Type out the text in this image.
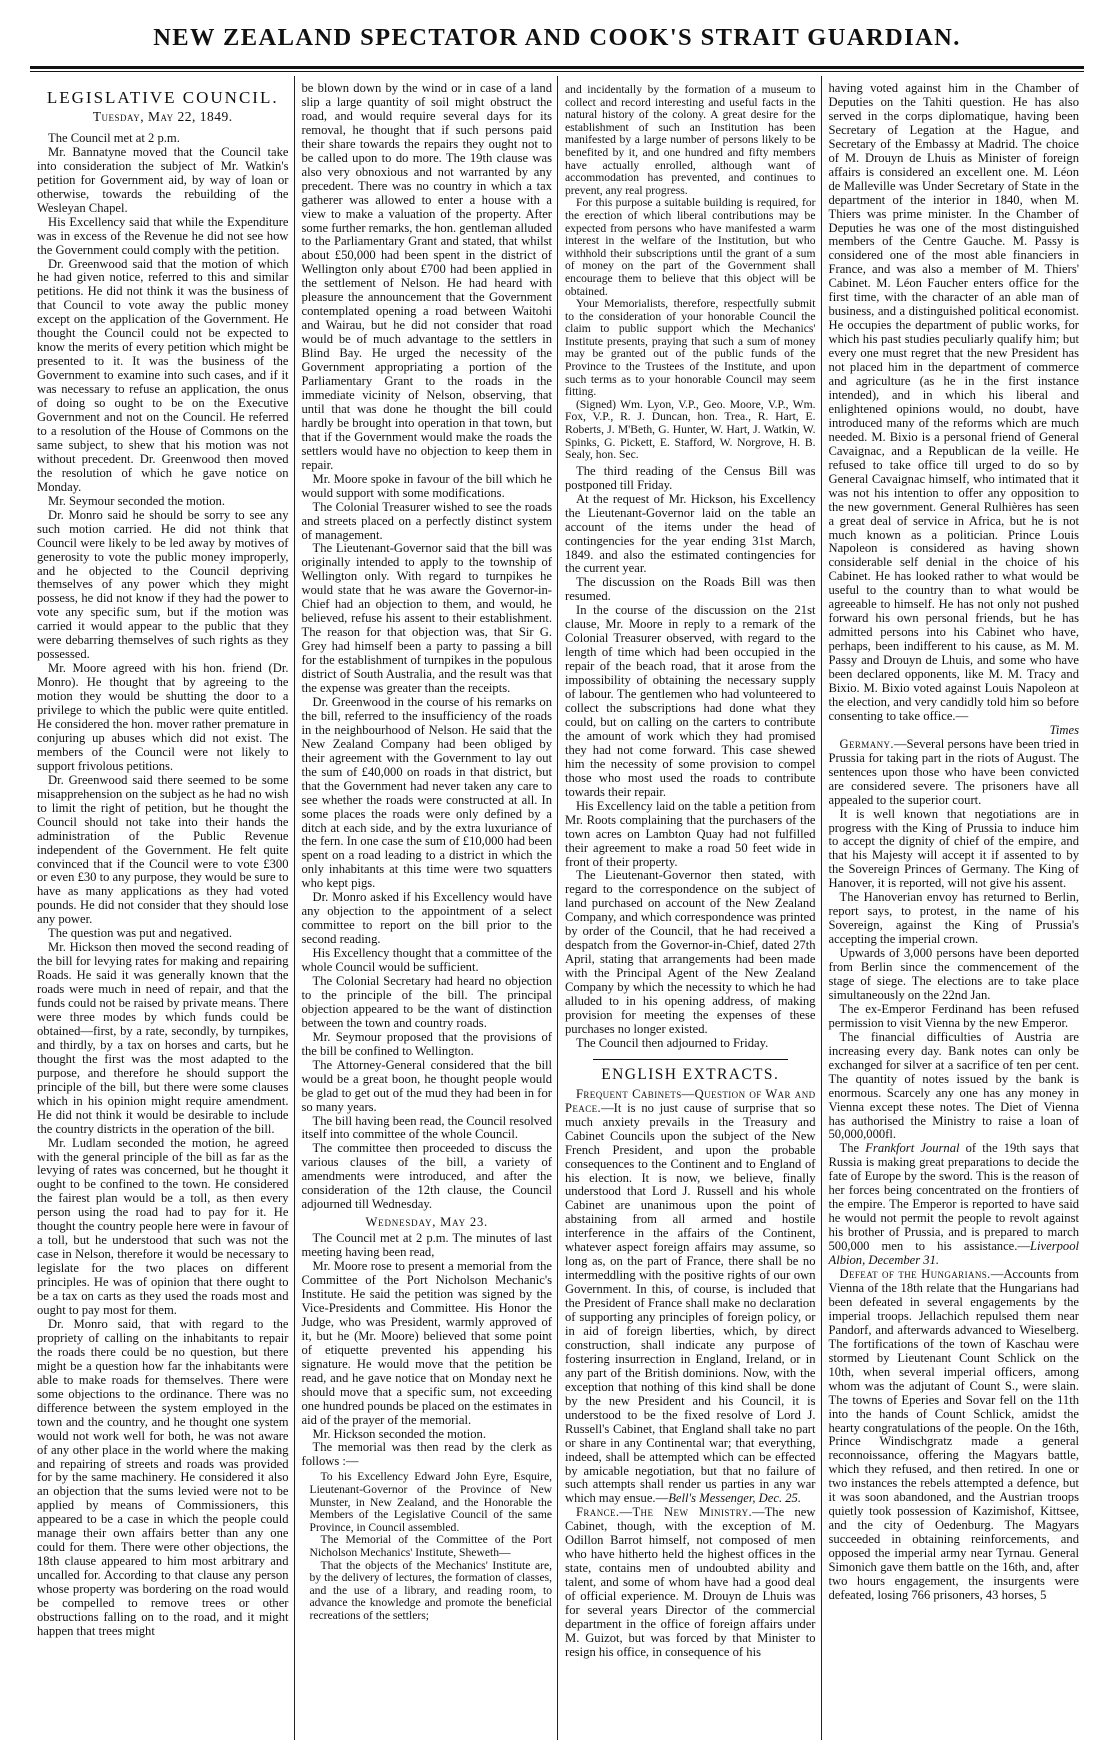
NEW ZEALAND SPECTATOR AND COOK'S STRAIT GUARDIAN.
LEGISLATIVE COUNCIL.
Tuesday, May 22, 1849.

The Council met at 2 p.m.

Mr. Bannatyne moved that the Council take into consideration the subject of Mr. Watkin's petition for Government aid, by way of loan or otherwise, towards the rebuilding of the Wesleyan Chapel.

His Excellency said that while the Expenditure was in excess of the Revenue he did not see how the Government could comply with the petition.

Dr. Greenwood said that the motion of which he had given notice, referred to this and similar petitions. He did not think it was the business of that Council to vote away the public money except on the application of the Government. He thought the Council could not be expected to know the merits of every petition which might be presented to it. It was the business of the Government to examine into such cases, and if it was necessary to refuse an application, the onus of doing so ought to be on the Executive Government and not on the Council. He referred to a resolution of the House of Commons on the same subject, to shew that his motion was not without precedent. Dr. Greenwood then moved the resolution of which he gave notice on Monday.

Mr. Seymour seconded the motion.

Dr. Monro said he should be sorry to see any such motion carried. He did not think that Council were likely to be led away by motives of generosity to vote the public money improperly, and he objected to the Council depriving themselves of any power which they might possess, he did not know if they had the power to vote any specific sum, but if the motion was carried it would appear to the public that they were debarring themselves of such rights as they possessed.

Mr. Moore agreed with his hon. friend (Dr. Monro). He thought that by agreeing to the motion they would be shutting the door to a privilege to which the public were quite entitled. He considered the hon. mover rather premature in conjuring up abuses which did not exist. The members of the Council were not likely to support frivolous petitions.

Dr. Greenwood said there seemed to be some misapprehension on the subject as he had no wish to limit the right of petition, but he thought the Council should not take into their hands the administration of the Public Revenue independent of the Government. He felt quite convinced that if the Council were to vote £300 or even £30 to any purpose, they would be sure to have as many applications as they had voted pounds. He did not consider that they should lose any power.

The question was put and negatived.

Mr. Hickson then moved the second reading of the bill for levying rates for making and repairing Roads. He said it was generally known that the roads were much in need of repair, and that the funds could not be raised by private means. There were three modes by which funds could be obtained—first, by a rate, secondly, by turnpikes, and thirdly, by a tax on horses and carts, but he thought the first was the most adapted to the purpose, and therefore he should support the principle of the bill, but there were some clauses which in his opinion might require amendment. He did not think it would be desirable to include the country districts in the operation of the bill.

Mr. Ludlam seconded the motion, he agreed with the general principle of the bill as far as the levying of rates was concerned, but he thought it ought to be confined to the town. He considered the fairest plan would be a toll, as then every person using the road had to pay for it. He thought the country people here were in favour of a toll, but he understood that such was not the case in Nelson, therefore it would be necessary to legislate for the two places on different principles. He was of opinion that there ought to be a tax on carts as they used the roads most and ought to pay most for them.

Dr. Monro said, that with regard to the propriety of calling on the inhabitants to repair the roads there could be no question, but there might be a question how far the inhabitants were able to make roads for themselves. There were some objections to the ordinance. There was no difference between the system employed in the town and the country, and he thought one system would not work well for both, he was not aware of any other place in the world where the making and repairing of streets and roads was provided for by the same machinery. He considered it also an objection that the sums levied were not to be applied by means of Commissioners, this appeared to be a case in which the people could manage their own affairs better than any one could for them. There were other objections, the 18th clause appeared to him most arbitrary and uncalled for. According to that clause any person whose property was bordering on the road would be compelled to remove trees or other obstructions falling on to the road, and it might happen that trees might

be blown down by the wind or in case of a land slip a large quantity of soil might obstruct the road, and would require several days for its removal, he thought that if such persons paid their share towards the repairs they ought not to be called upon to do more. The 19th clause was also very obnoxious and not warranted by any precedent. There was no country in which a tax gatherer was allowed to enter a house with a view to make a valuation of the property. After some further remarks, the hon. gentleman alluded to the Parliamentary Grant and stated, that whilst about £50,000 had been spent in the district of Wellington only about £700 had been applied in the settlement of Nelson. He had heard with pleasure the announcement that the Government contemplated opening a road between Waitohi and Wairau, but he did not consider that road would be of much advantage to the settlers in Blind Bay. He urged the necessity of the Government appropriating a portion of the Parliamentary Grant to the roads in the immediate vicinity of Nelson, observing, that until that was done he thought the bill could hardly be brought into operation in that town, but that if the Government would make the roads the settlers would have no objection to keep them in repair.

Mr. Moore spoke in favour of the bill which he would support with some modifications.

The Colonial Treasurer wished to see the roads and streets placed on a perfectly distinct system of management.

The Lieutenant-Governor said that the bill was originally intended to apply to the township of Wellington only. With regard to turnpikes he would state that he was aware the Governor-in-Chief had an objection to them, and would, he believed, refuse his assent to their establishment. The reason for that objection was, that Sir G. Grey had himself been a party to passing a bill for the establishment of turnpikes in the populous district of South Australia, and the result was that the expense was greater than the receipts.

Dr. Greenwood in the course of his remarks on the bill, referred to the insufficiency of the roads in the neighbourhood of Nelson. He said that the New Zealand Company had been obliged by their agreement with the Government to lay out the sum of £40,000 on roads in that district, but that the Government had never taken any care to see whether the roads were constructed at all. In some places the roads were only defined by a ditch at each side, and by the extra luxuriance of the fern. In one case the sum of £10,000 had been spent on a road leading to a district in which the only inhabitants at this time were two squatters who kept pigs.

Dr. Monro asked if his Excellency would have any objection to the appointment of a select committee to report on the bill prior to the second reading.

His Excellency thought that a committee of the whole Council would be sufficient.

The Colonial Secretary had heard no objection to the principle of the bill. The principal objection appeared to be the want of distinction between the town and country roads.

Mr. Seymour proposed that the provisions of the bill be confined to Wellington.

The Attorney-General considered that the bill would be a great boon, he thought people would be glad to get out of the mud they had been in for so many years.

The bill having been read, the Council resolved itself into committee of the whole Council.

The committee then proceeded to discuss the various clauses of the bill, a variety of amendments were introduced, and after the consideration of the 12th clause, the Council adjourned till Wednesday.

Wednesday, May 23.

The Council met at 2 p.m. The minutes of last meeting having been read,

Mr. Moore rose to present a memorial from the Committee of the Port Nicholson Mechanic's Institute. He said the petition was signed by the Vice-Presidents and Committee. His Honor the Judge, who was President, warmly approved of it, but he (Mr. Moore) believed that some point of etiquette prevented his appending his signature. He would move that the petition be read, and he gave notice that on Monday next he should move that a specific sum, not exceeding one hundred pounds be placed on the estimates in aid of the prayer of the memorial.

Mr. Hickson seconded the motion.

The memorial was then read by the clerk as follows :—

To his Excellency Edward John Eyre, Esquire, Lieutenant-Governor of the Province of New Munster, in New Zealand, and the Honorable the Members of the Legislative Council of the same Province, in Council assembled.

The Memorial of the Committee of the Port Nicholson Mechanics' Institute, Sheweth—

That the objects of the Mechanics' Institute are, by the delivery of lectures, the formation of classes, and the use of a library, and reading room, to advance the knowledge and promote the beneficial recreations of the settlers;

and incidentally by the formation of a museum to collect and record interesting and useful facts in the natural history of the colony. A great desire for the establishment of such an Institution has been manifested by a large number of persons likely to be benefited by it, and one hundred and fifty members have actually enrolled, although want of accommodation has prevented, and continues to prevent, any real progress.

For this purpose a suitable building is required, for the erection of which liberal contributions may be expected from persons who have manifested a warm interest in the welfare of the Institution, but who withhold their subscriptions until the grant of a sum of money on the part of the Government shall encourage them to believe that this object will be obtained.

Your Memorialists, therefore, respectfully submit to the consideration of your honorable Council the claim to public support which the Mechanics' Institute presents, praying that such a sum of money may be granted out of the public funds of the Province to the Trustees of the Institute, and upon such terms as to your honorable Council may seem fitting.

(Signed) Wm. Lyon, V.P., Geo. Moore, V.P., Wm. Fox, V.P., R. J. Duncan, hon. Trea., R. Hart, E. Roberts, J. M'Beth, G. Hunter, W. Hart, J. Watkin, W. Spinks, G. Pickett, E. Stafford, W. Norgrove, H. B. Sealy, hon. Sec.

The third reading of the Census Bill was postponed till Friday.

At the request of Mr. Hickson, his Excellency the Lieutenant-Governor laid on the table an account of the items under the head of contingencies for the year ending 31st March, 1849. and also the estimated contingencies for the current year.

The discussion on the Roads Bill was then resumed.

In the course of the discussion on the 21st clause, Mr. Moore in reply to a remark of the Colonial Treasurer observed, with regard to the length of time which had been occupied in the repair of the beach road, that it arose from the impossibility of obtaining the necessary supply of labour. The gentlemen who had volunteered to collect the subscriptions had done what they could, but on calling on the carters to contribute the amount of work which they had promised they had not come forward. This case shewed him the necessity of some provision to compel those who most used the roads to contribute towards their repair.

His Excellency laid on the table a petition from Mr. Roots complaining that the purchasers of the town acres on Lambton Quay had not fulfilled their agreement to make a road 50 feet wide in front of their property.

The Lieutenant-Governor then stated, with regard to the correspondence on the subject of land purchased on account of the New Zealand Company, and which correspondence was printed by order of the Council, that he had received a despatch from the Governor-in-Chief, dated 27th April, stating that arrangements had been made with the Principal Agent of the New Zealand Company by which the necessity to which he had alluded to in his opening address, of making provision for meeting the expenses of these purchases no longer existed.

The Council then adjourned to Friday.

ENGLISH EXTRACTS.

Frequent Cabinets—Question of War and Peace.—It is no just cause of surprise that so much anxiety prevails in the Treasury and Cabinet Councils upon the subject of the New French President, and upon the probable consequences to the Continent and to England of his election. It is now, we believe, finally understood that Lord J. Russell and his whole Cabinet are unanimous upon the point of abstaining from all armed and hostile interference in the affairs of the Continent, whatever aspect foreign affairs may assume, so long as, on the part of France, there shall be no intermeddling with the positive rights of our own Government. In this, of course, is included that the President of France shall make no declaration of supporting any principles of foreign policy, or in aid of foreign liberties, which, by direct construction, shall indicate any purpose of fostering insurrection in England, Ireland, or in any part of the British dominions. Now, with the exception that nothing of this kind shall be done by the new President and his Council, it is understood to be the fixed resolve of Lord J. Russell's Cabinet, that England shall take no part or share in any Continental war; that everything, indeed, shall be attempted which can be effected by amicable negotiation, but that no failure of such attempts shall render us parties in any war which may ensue.—Bell's Messenger, Dec. 25.

France.—The New Ministry.—The new Cabinet, though, with the exception of M. Odillon Barrot himself, not composed of men who have hitherto held the highest offices in the state, contains men of undoubted ability and talent, and some of whom have had a good deal of official experience. M. Drouyn de Lhuis was for several years Director of the commercial department in the office of foreign affairs under M. Guizot, but was forced by that Minister to resign his office, in consequence of his

having voted against him in the Chamber of Deputies on the Tahiti question. He has also served in the corps diplomatique, having been Secretary of Legation at the Hague, and Secretary of the Embassy at Madrid. The choice of M. Drouyn de Lhuis as Minister of foreign affairs is considered an excellent one. M. Léon de Malleville was Under Secretary of State in the department of the interior in 1840, when M. Thiers was prime minister. In the Chamber of Deputies he was one of the most distinguished members of the Centre Gauche. M. Passy is considered one of the most able financiers in France, and was also a member of M. Thiers' Cabinet. M. Léon Faucher enters office for the first time, with the character of an able man of business, and a distinguished political economist. He occupies the department of public works, for which his past studies peculiarly qualify him; but every one must regret that the new President has not placed him in the department of commerce and agriculture (as he in the first instance intended), and in which his liberal and enlightened opinions would, no doubt, have introduced many of the reforms which are much needed. M. Bixio is a personal friend of General Cavaignac, and a Republican de la veille. He refused to take office till urged to do so by General Cavaignac himself, who intimated that it was not his intention to offer any opposition to the new government. General Rulhières has seen a great deal of service in Africa, but he is not much known as a politician. Prince Louis Napoleon is considered as having shown considerable self denial in the choice of his Cabinet. He has looked rather to what would be useful to the country than to what would be agreeable to himself. He has not only not pushed forward his own personal friends, but he has admitted persons into his Cabinet who have, perhaps, been indifferent to his cause, as M. M. Passy and Drouyn de Lhuis, and some who have been declared opponents, like M. M. Tracy and Bixio. M. Bixio voted against Louis Napoleon at the election, and very candidly told him so before consenting to take office.—

Times

Germany.—Several persons have been tried in Prussia for taking part in the riots of August. The sentences upon those who have been convicted are considered severe. The prisoners have all appealed to the superior court.

It is well known that negotiations are in progress with the King of Prussia to induce him to accept the dignity of chief of the empire, and that his Majesty will accept it if assented to by the Sovereign Princes of Germany. The King of Hanover, it is reported, will not give his assent.

The Hanoverian envoy has returned to Berlin, report says, to protest, in the name of his Sovereign, against the King of Prussia's accepting the imperial crown.

Upwards of 3,000 persons have been deported from Berlin since the commencement of the stage of siege. The elections are to take place simultaneously on the 22nd Jan.

The ex-Emperor Ferdinand has been refused permission to visit Vienna by the new Emperor.

The financial difficulties of Austria are increasing every day. Bank notes can only be exchanged for silver at a sacrifice of ten per cent. The quantity of notes issued by the bank is enormous. Scarcely any one has any money in Vienna except these notes. The Diet of Vienna has authorised the Ministry to raise a loan of 50,000,000fl.

The Frankfort Journal of the 19th says that Russia is making great preparations to decide the fate of Europe by the sword. This is the reason of her forces being concentrated on the frontiers of the empire. The Emperor is reported to have said he would not permit the people to revolt against his brother of Prussia, and is prepared to march 500,000 men to his assistance.—Liverpool Albion, December 31.

Defeat of the Hungarians.—Accounts from Vienna of the 18th relate that the Hungarians had been defeated in several engagements by the imperial troops. Jellachich repulsed them near Pandorf, and afterwards advanced to Wieselberg. The fortifications of the town of Kaschau were stormed by Lieutenant Count Schlick on the 10th, when several imperial officers, among whom was the adjutant of Count S., were slain. The towns of Eperies and Sovar fell on the 11th into the hands of Count Schlick, amidst the hearty congratulations of the people. On the 16th, Prince Windischgratz made a general reconnoissance, offering the Magyars battle, which they refused, and then retired. In one or two instances the rebels attempted a defence, but it was soon abandoned, and the Austrian troops quietly took possession of Kazimishof, Kittsee, and the city of Oedenburg. The Magyars succeeded in obtaining reinforcements, and opposed the imperial army near Tyrnau. General Simonich gave them battle on the 16th, and, after two hours engagement, the insurgents were defeated, losing 766 prisoners, 43 horses, 5
